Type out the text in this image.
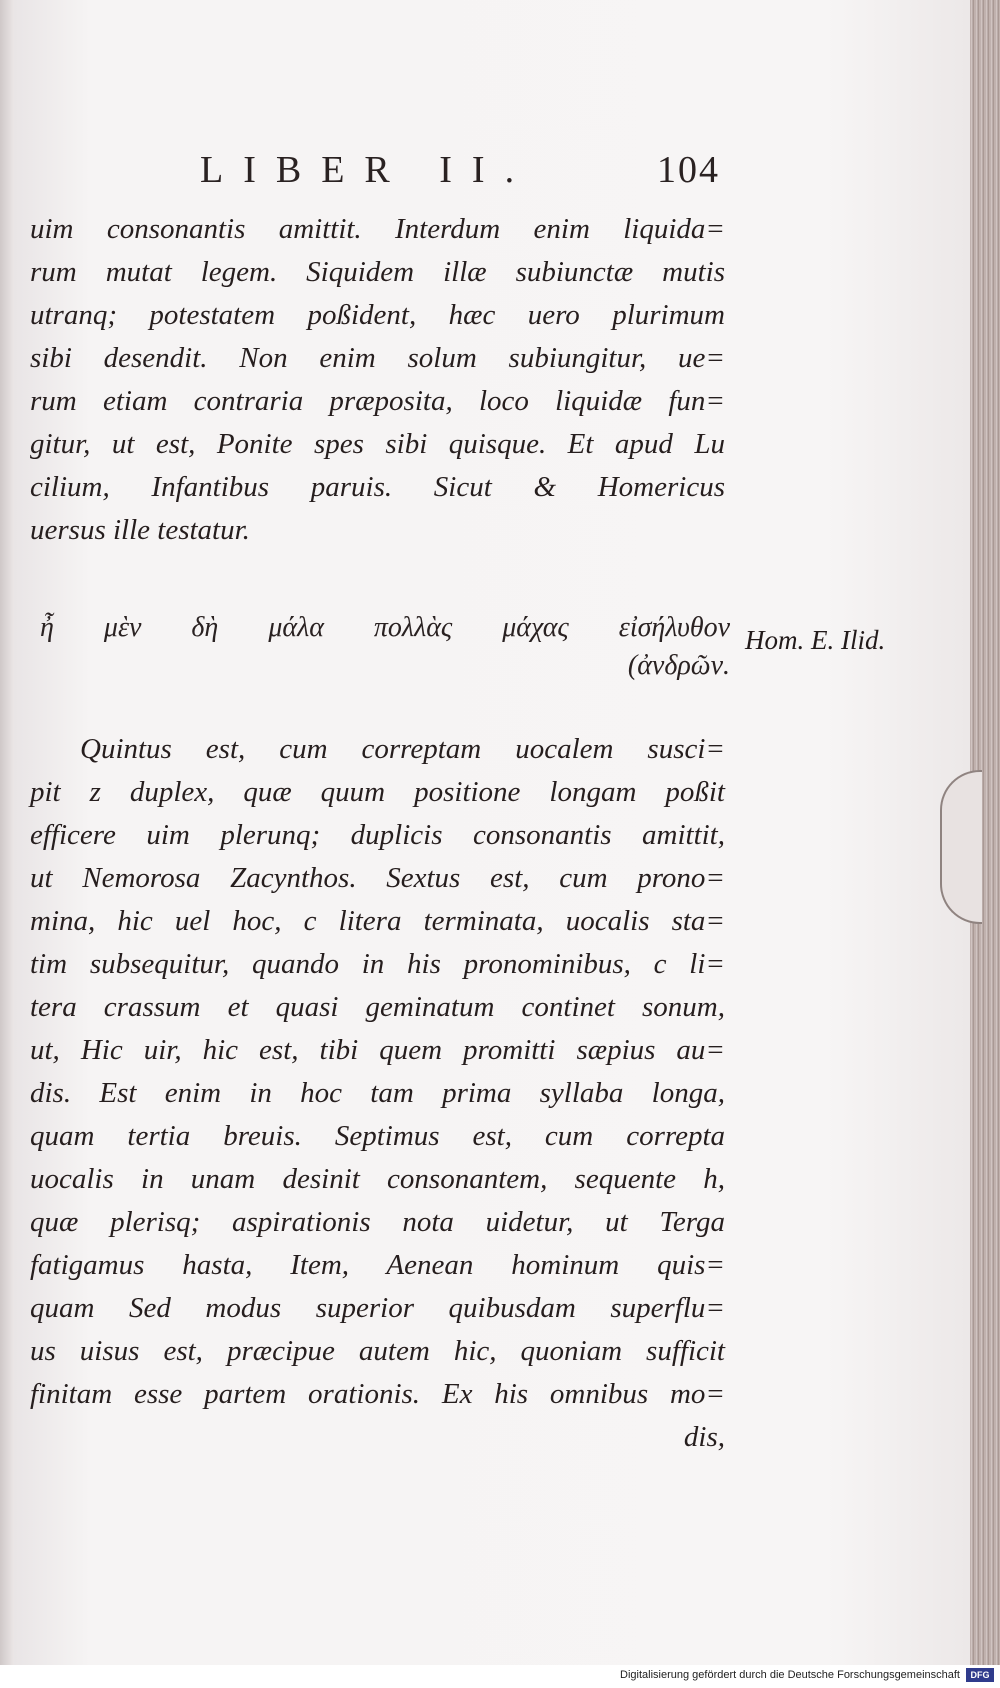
LIBER II.	104
uim consonantis amittit. Interdum enim liquida=
rum mutat legem. Siquidem illæ subiunctæ mutis
utranq; potestatem poßident, hæc uero plurimum
sibi desendit. Non enim solum subiungitur, ue=
rum etiam contraria præposita, loco liquidæ fun=
gitur, ut est, Ponite spes sibi quisque. Et apud Lu
cilium, Infantibus paruis. Sicut & Homericus
uersus ille testatur.
ἦ μὲν δὴ μάλα πολλὰς μάχας εἰσήλυθον
(ἀνδρῶν.
Hom. E. Ilid.
Quintus est, cum correptam uocalem susci=
pit z duplex, quæ quum positione longam poßit
efficere uim plerunq; duplicis consonantis amittit,
ut Nemorosa Zacynthos. Sextus est, cum prono=
mina, hic uel hoc, c litera terminata, uocalis sta=
tim subsequitur, quando in his pronominibus, c li=
tera crassum et quasi geminatum continet sonum,
ut, Hic uir, hic est, tibi quem promitti sæpius au=
dis. Est enim in hoc tam prima syllaba longa,
quam tertia breuis. Septimus est, cum correpta
uocalis in unam desinit consonantem, sequente h,
quæ plerisq; aspirationis nota uidetur, ut Terga
fatigamus hasta, Item, Aenean hominum quis=
quam Sed modus superior quibusdam superflu=
us uisus est, præcipue autem hic, quoniam sufficit
finitam esse partem orationis. Ex his omnibus mo=
dis,
Digitalisierung gefördert durch die Deutsche Forschungsgemeinschaft	DFG
